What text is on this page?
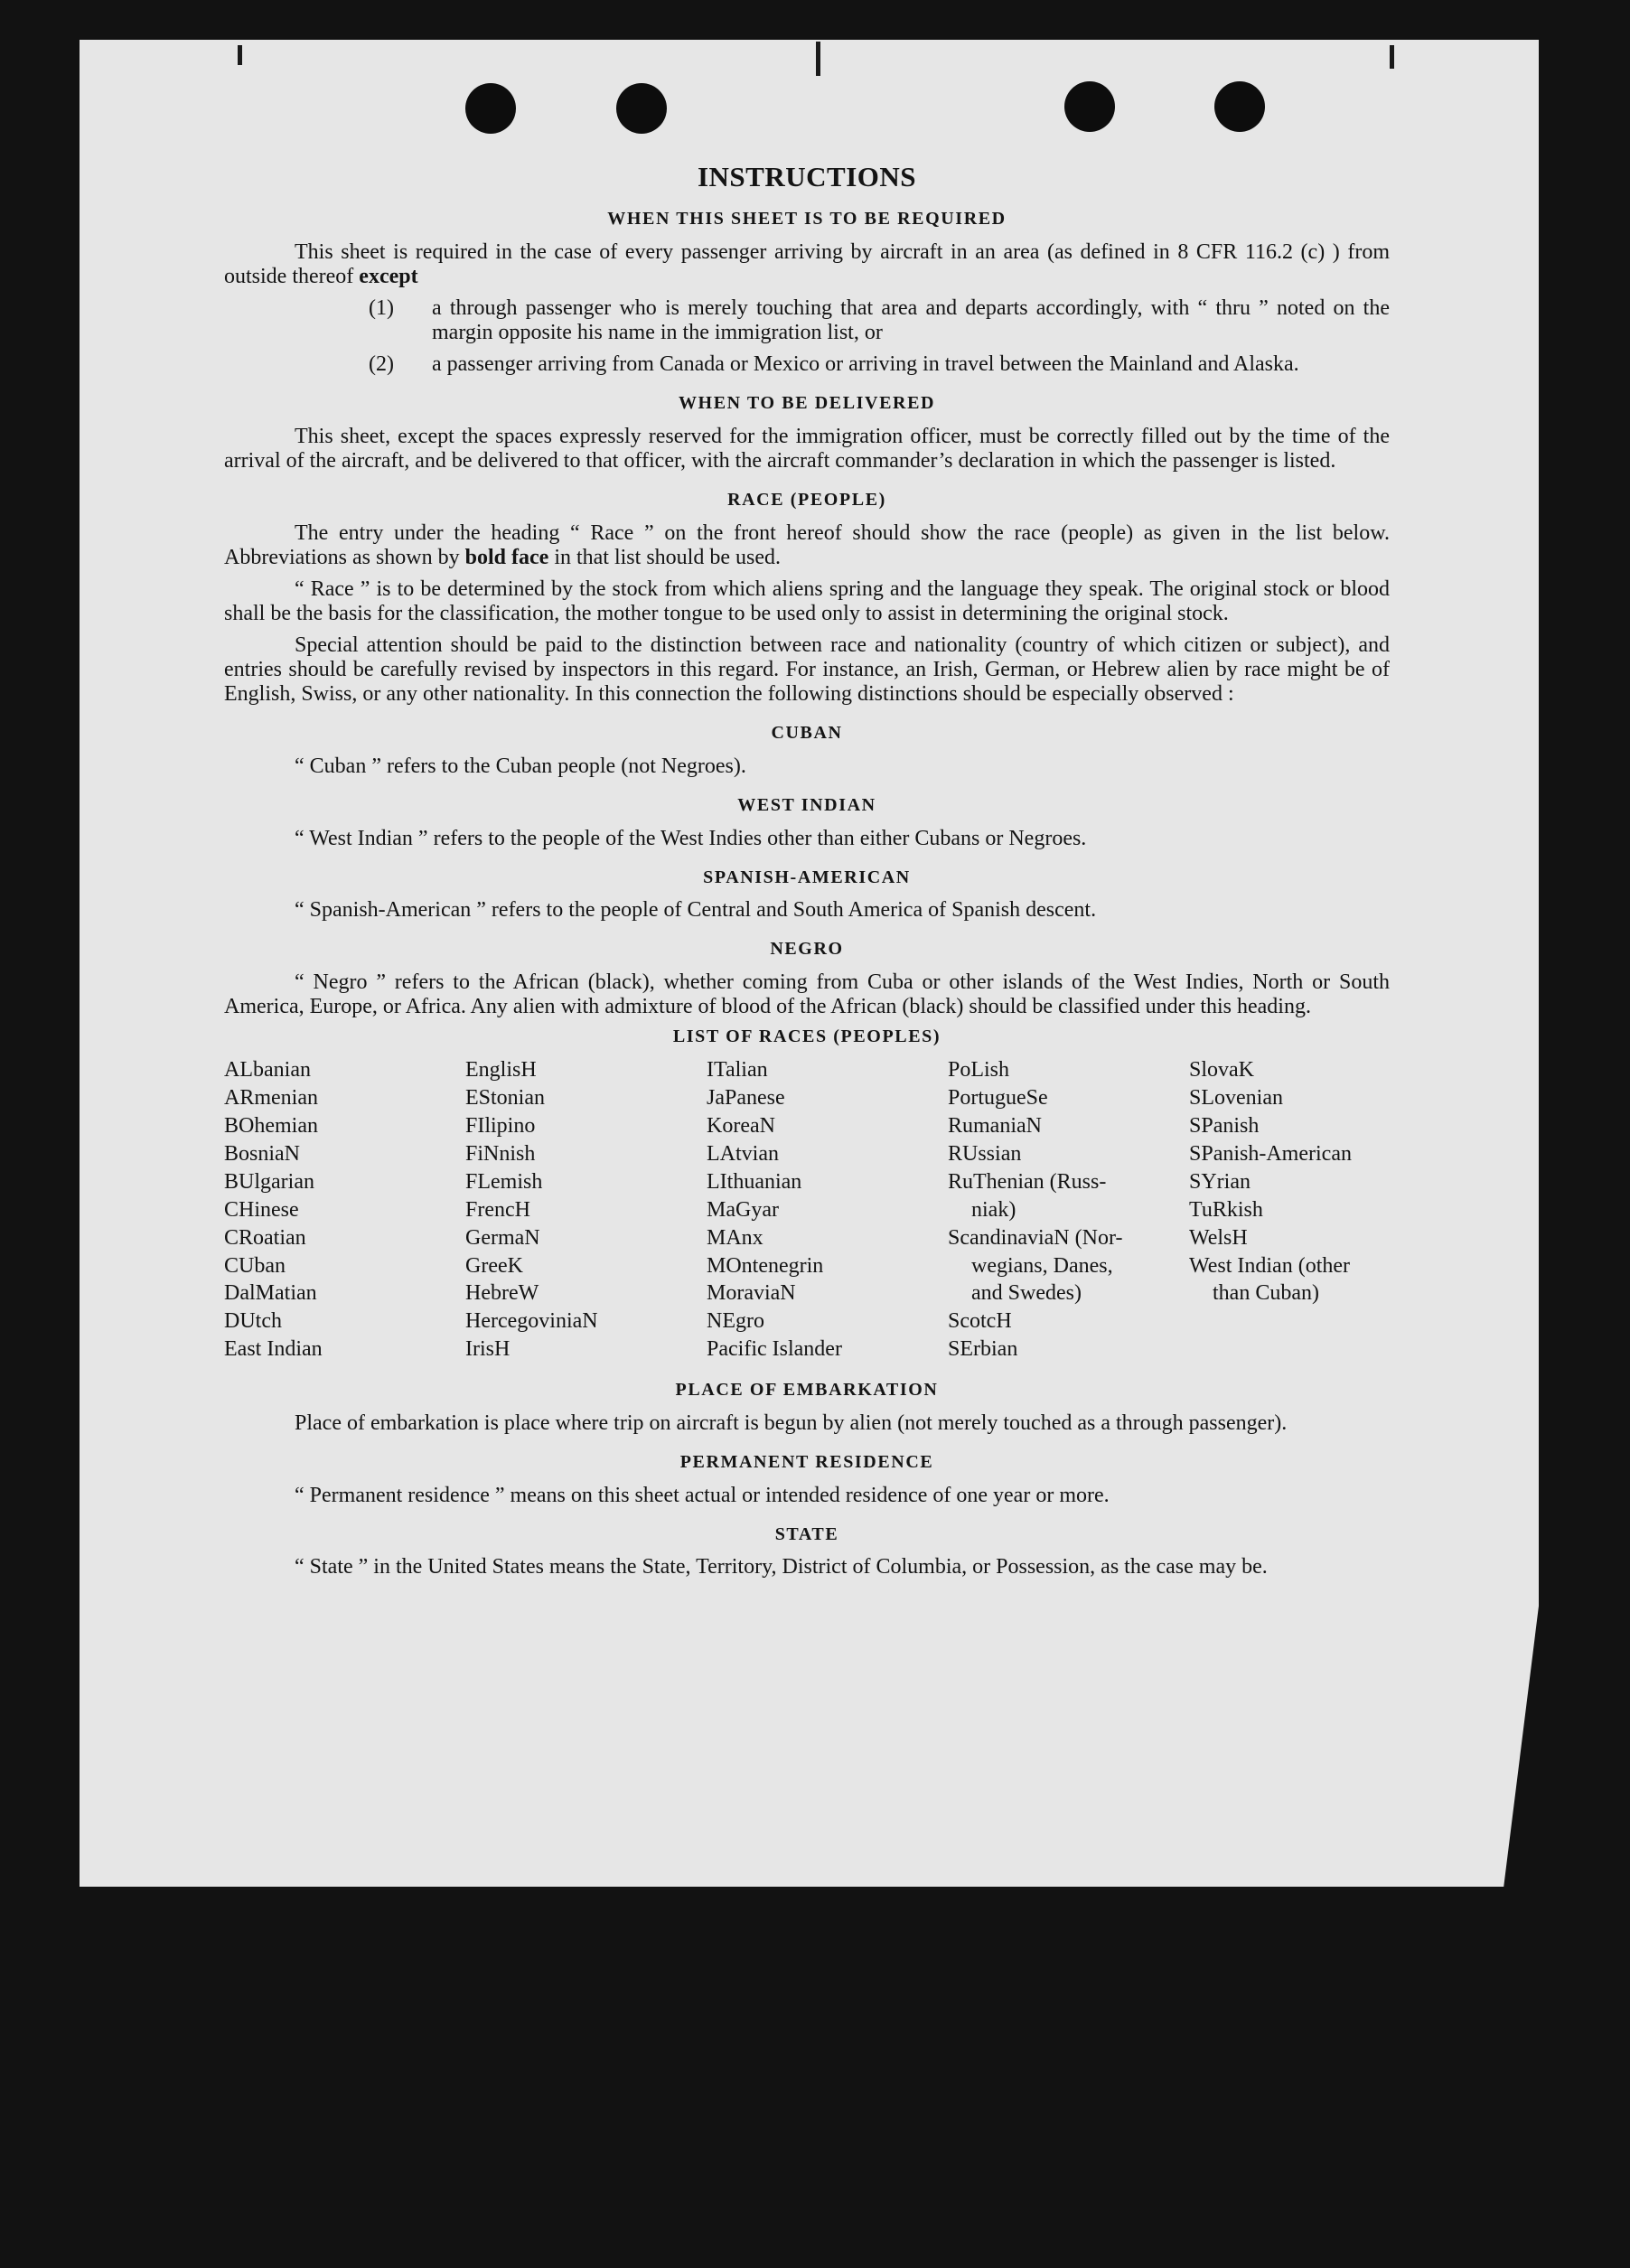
INSTRUCTIONS
WHEN THIS SHEET IS TO BE REQUIRED

This sheet is required in the case of every passenger arriving by aircraft in an area (as defined in 8 CFR 116.2 (c) ) from outside thereof except

(1) a through passenger who is merely touching that area and departs accordingly, with “ thru ” noted on the margin opposite his name in the immigration list, or

(2) a passenger arriving from Canada or Mexico or arriving in travel between the Mainland and Alaska.

WHEN TO BE DELIVERED

This sheet, except the spaces expressly reserved for the immigration officer, must be correctly filled out by the time of the arrival of the aircraft, and be delivered to that officer, with the aircraft commander’s declaration in which the passenger is listed.

RACE (PEOPLE)

The entry under the heading “ Race ” on the front hereof should show the race (people) as given in the list below. Abbreviations as shown by bold face in that list should be used.

“ Race ” is to be determined by the stock from which aliens spring and the language they speak. The original stock or blood shall be the basis for the classification, the mother tongue to be used only to assist in determining the original stock.

Special attention should be paid to the distinction between race and nationality (country of which citizen or subject), and entries should be carefully revised by inspectors in this regard. For instance, an Irish, German, or Hebrew alien by race might be of English, Swiss, or any other nationality. In this connection the following distinctions should be especially observed :

CUBAN

“ Cuban ” refers to the Cuban people (not Negroes).

WEST INDIAN

“ West Indian ” refers to the people of the West Indies other than either Cubans or Negroes.

SPANISH-AMERICAN

“ Spanish-American ” refers to the people of Central and South America of Spanish descent.

NEGRO

“ Negro ” refers to the African (black), whether coming from Cuba or other islands of the West Indies, North or South America, Europe, or Africa. Any alien with admixture of blood of the African (black) should be classified under this heading.

LIST OF RACES (PEOPLES)
ALbanian	EnglisH	ITalian	PoLish	SlovaK
ARmenian	EStonian	JaPanese	PortugueSe	SLovenian
BOhemian	FIlipino	KoreaN	RumaniaN	SPanish
BosniaN	FiNnish	LAtvian	RUssian	SPanish-American
BUlgarian	FLemish	LIthuanian	RuThenian (Russ-	SYrian
CHinese	FrencH	MaGyar	niak)	TuRkish
CRoatian	GermaN	MAnx	ScandinaviaN (Nor-	WelsH
CUban	GreeK	MOntenegrin	wegians, Danes,	West Indian (other
DalMatian	HebreW	MoraviaN	and Swedes)	than Cuban)
DUtch	HercegoviniaN	NEgro	ScotcH
East Indian	IrisH	Pacific Islander	SErbian
PLACE OF EMBARKATION

Place of embarkation is place where trip on aircraft is begun by alien (not merely touched as a through passenger).

PERMANENT RESIDENCE

“ Permanent residence ” means on this sheet actual or intended residence of one year or more.

STATE

“ State ” in the United States means the State, Territory, District of Columbia, or Possession, as the case may be.
